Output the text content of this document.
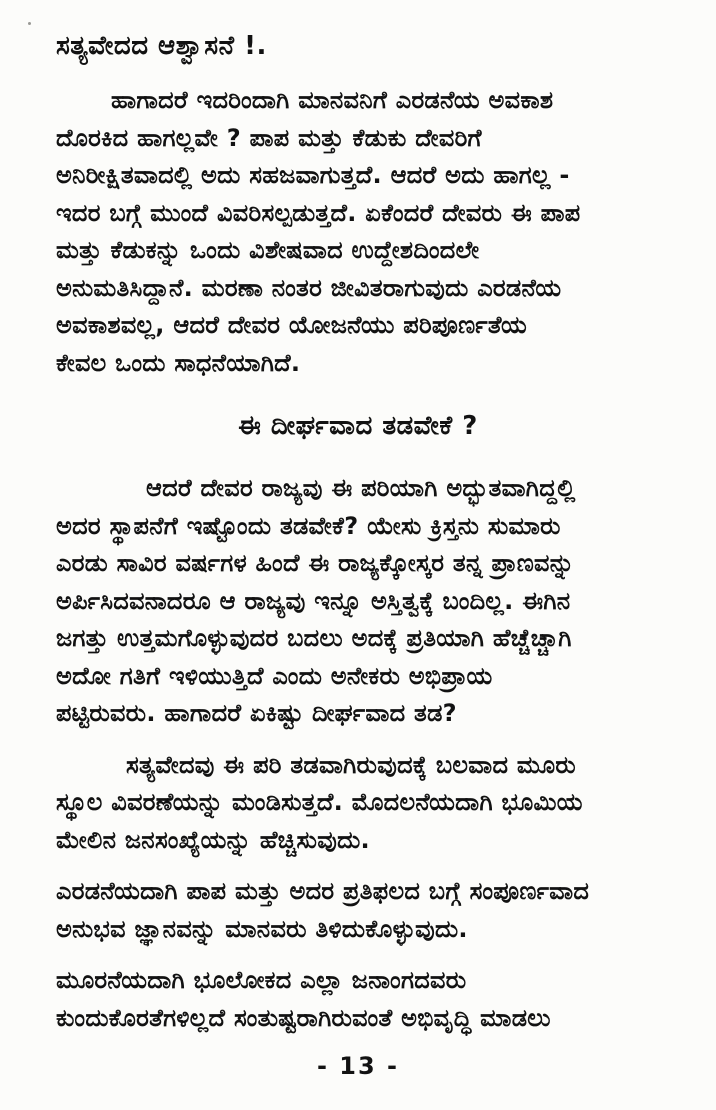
ಸತ್ಯವೇದದ ಆಶ್ವಾಸನೆ !.
ಹಾಗಾದರೆ ಇದರಿಂದಾಗಿ ಮಾನವನಿಗೆ ಎರಡನೆಯ ಅವಕಾಶ
ದೊರಕಿದ ಹಾಗಲ್ಲವೇ ? ಪಾಪ ಮತ್ತು ಕೆಡುಕು ದೇವರಿಗೆ
ಅನಿರೀಕ್ಷಿತವಾದಲ್ಲಿ ಅದು ಸಹಜವಾಗುತ್ತದೆ. ಆದರೆ ಅದು ಹಾಗಲ್ಲ -
ಇದರ ಬಗ್ಗೆ ಮುಂದೆ ವಿವರಿಸಲ್ಪಡುತ್ತದೆ. ಏಕೆಂದರೆ ದೇವರು ಈ ಪಾಪ
ಮತ್ತು ಕೆಡುಕನ್ನು ಒಂದು ವಿಶೇಷವಾದ ಉದ್ದೇಶದಿಂದಲೇ
ಅನುಮತಿಸಿದ್ದಾನೆ. ಮರಣಾ ನಂತರ ಜೀವಿತರಾಗುವುದು ಎರಡನೆಯ
ಅವಕಾಶವಲ್ಲ, ಆದರೆ ದೇವರ ಯೋಜನೆಯು ಪರಿಪೂರ್ಣತೆಯ
ಕೇವಲ ಒಂದು ಸಾಧನೆಯಾಗಿದೆ.
ಈ ದೀರ್ಘವಾದ ತಡವೇಕೆ ?
ಆದರೆ ದೇವರ ರಾಜ್ಯವು ಈ ಪರಿಯಾಗಿ ಅದ್ಭುತವಾಗಿದ್ದಲ್ಲಿ
ಅದರ ಸ್ಥಾಪನೆಗೆ ಇಷ್ಟೊಂದು ತಡವೇಕೆ? ಯೇಸು ಕ್ರಿಸ್ತನು ಸುಮಾರು
ಎರಡು ಸಾವಿರ ವರ್ಷಗಳ ಹಿಂದೆ ಈ ರಾಜ್ಯಕ್ಕೋಸ್ಕರ ತನ್ನ ಪ್ರಾಣವನ್ನು
ಅರ್ಪಿಸಿದವನಾದರೂ ಆ ರಾಜ್ಯವು ಇನ್ನೂ ಅಸ್ತಿತ್ವಕ್ಕೆ ಬಂದಿಲ್ಲ. ಈಗಿನ
ಜಗತ್ತು ಉತ್ತಮಗೊಳ್ಳುವುದರ ಬದಲು ಅದಕ್ಕೆ ಪ್ರತಿಯಾಗಿ ಹೆಚ್ಚೆಚ್ಚಾಗಿ
ಅದೋ ಗತಿಗೆ ಇಳಿಯುತ್ತಿದೆ ಎಂದು ಅನೇಕರು ಅಭಿಪ್ರಾಯ
ಪಟ್ಟಿರುವರು. ಹಾಗಾದರೆ ಏಕಿಷ್ಟು ದೀರ್ಘವಾದ ತಡ?
ಸತ್ಯವೇದವು ಈ ಪರಿ ತಡವಾಗಿರುವುದಕ್ಕೆ ಬಲವಾದ ಮೂರು
ಸ್ಥೂಲ ವಿವರಣೆಯನ್ನು ಮಂಡಿಸುತ್ತದೆ. ಮೊದಲನೆಯದಾಗಿ ಭೂಮಿಯ
ಮೇಲಿನ ಜನಸಂಖ್ಯೆಯನ್ನು ಹೆಚ್ಚಿಸುವುದು.
ಎರಡನೆಯದಾಗಿ ಪಾಪ ಮತ್ತು ಅದರ ಪ್ರತಿಫಲದ ಬಗ್ಗೆ ಸಂಪೂರ್ಣವಾದ
ಅನುಭವ ಜ್ಞಾನವನ್ನು ಮಾನವರು ತಿಳಿದುಕೊಳ್ಳುವುದು.
ಮೂರನೆಯದಾಗಿ ಭೂಲೋಕದ ಎಲ್ಲಾ ಜನಾಂಗದವರು
ಕುಂದುಕೊರತೆಗಳಿಲ್ಲದೆ ಸಂತುಷ್ಟರಾಗಿರುವಂತೆ ಅಭಿವೃದ್ಧಿ ಮಾಡಲು
- 13 -
